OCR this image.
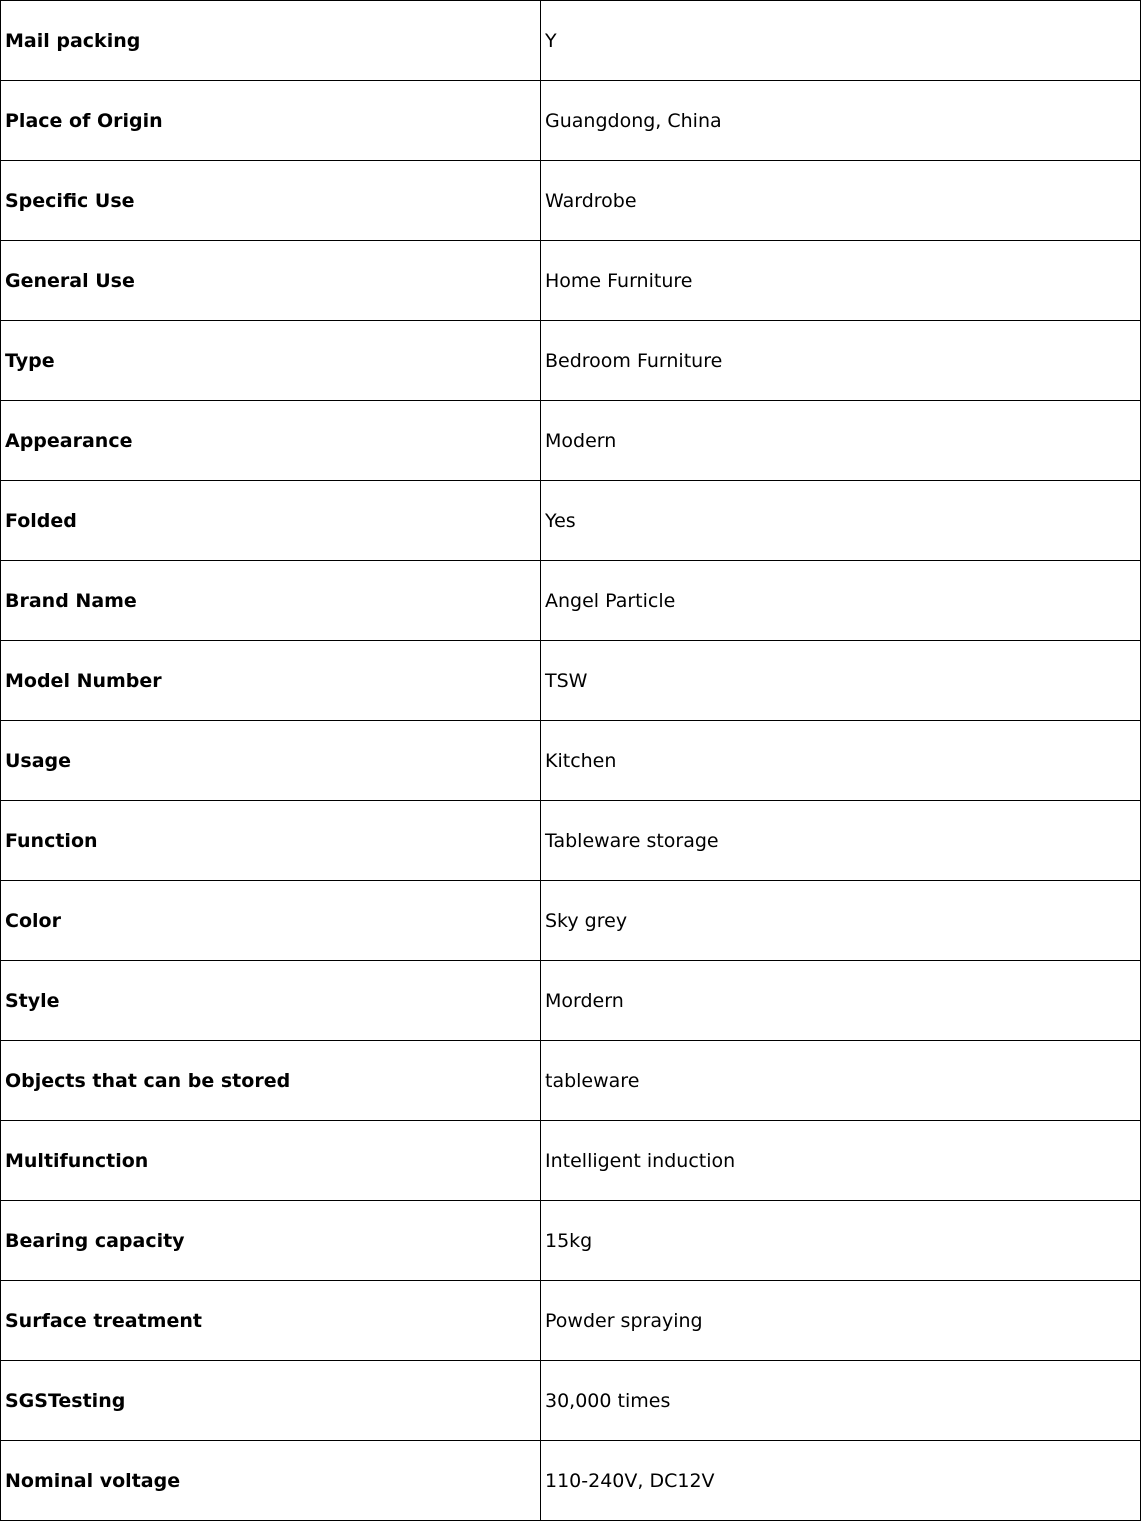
Mail packing	Y
Place of Origin	Guangdong, China
Specific Use	Wardrobe
General Use	Home Furniture
Type	Bedroom Furniture
Appearance	Modern
Folded	Yes
Brand Name	Angel Particle
Model Number	TSW
Usage	Kitchen
Function	Tableware storage
Color	Sky grey
Style	Mordern
Objects that can be stored	tableware
Multifunction	Intelligent induction
Bearing capacity	15kg
Surface treatment	Powder spraying
SGSTesting	30,000 times
Nominal voltage	110-240V, DC12V
